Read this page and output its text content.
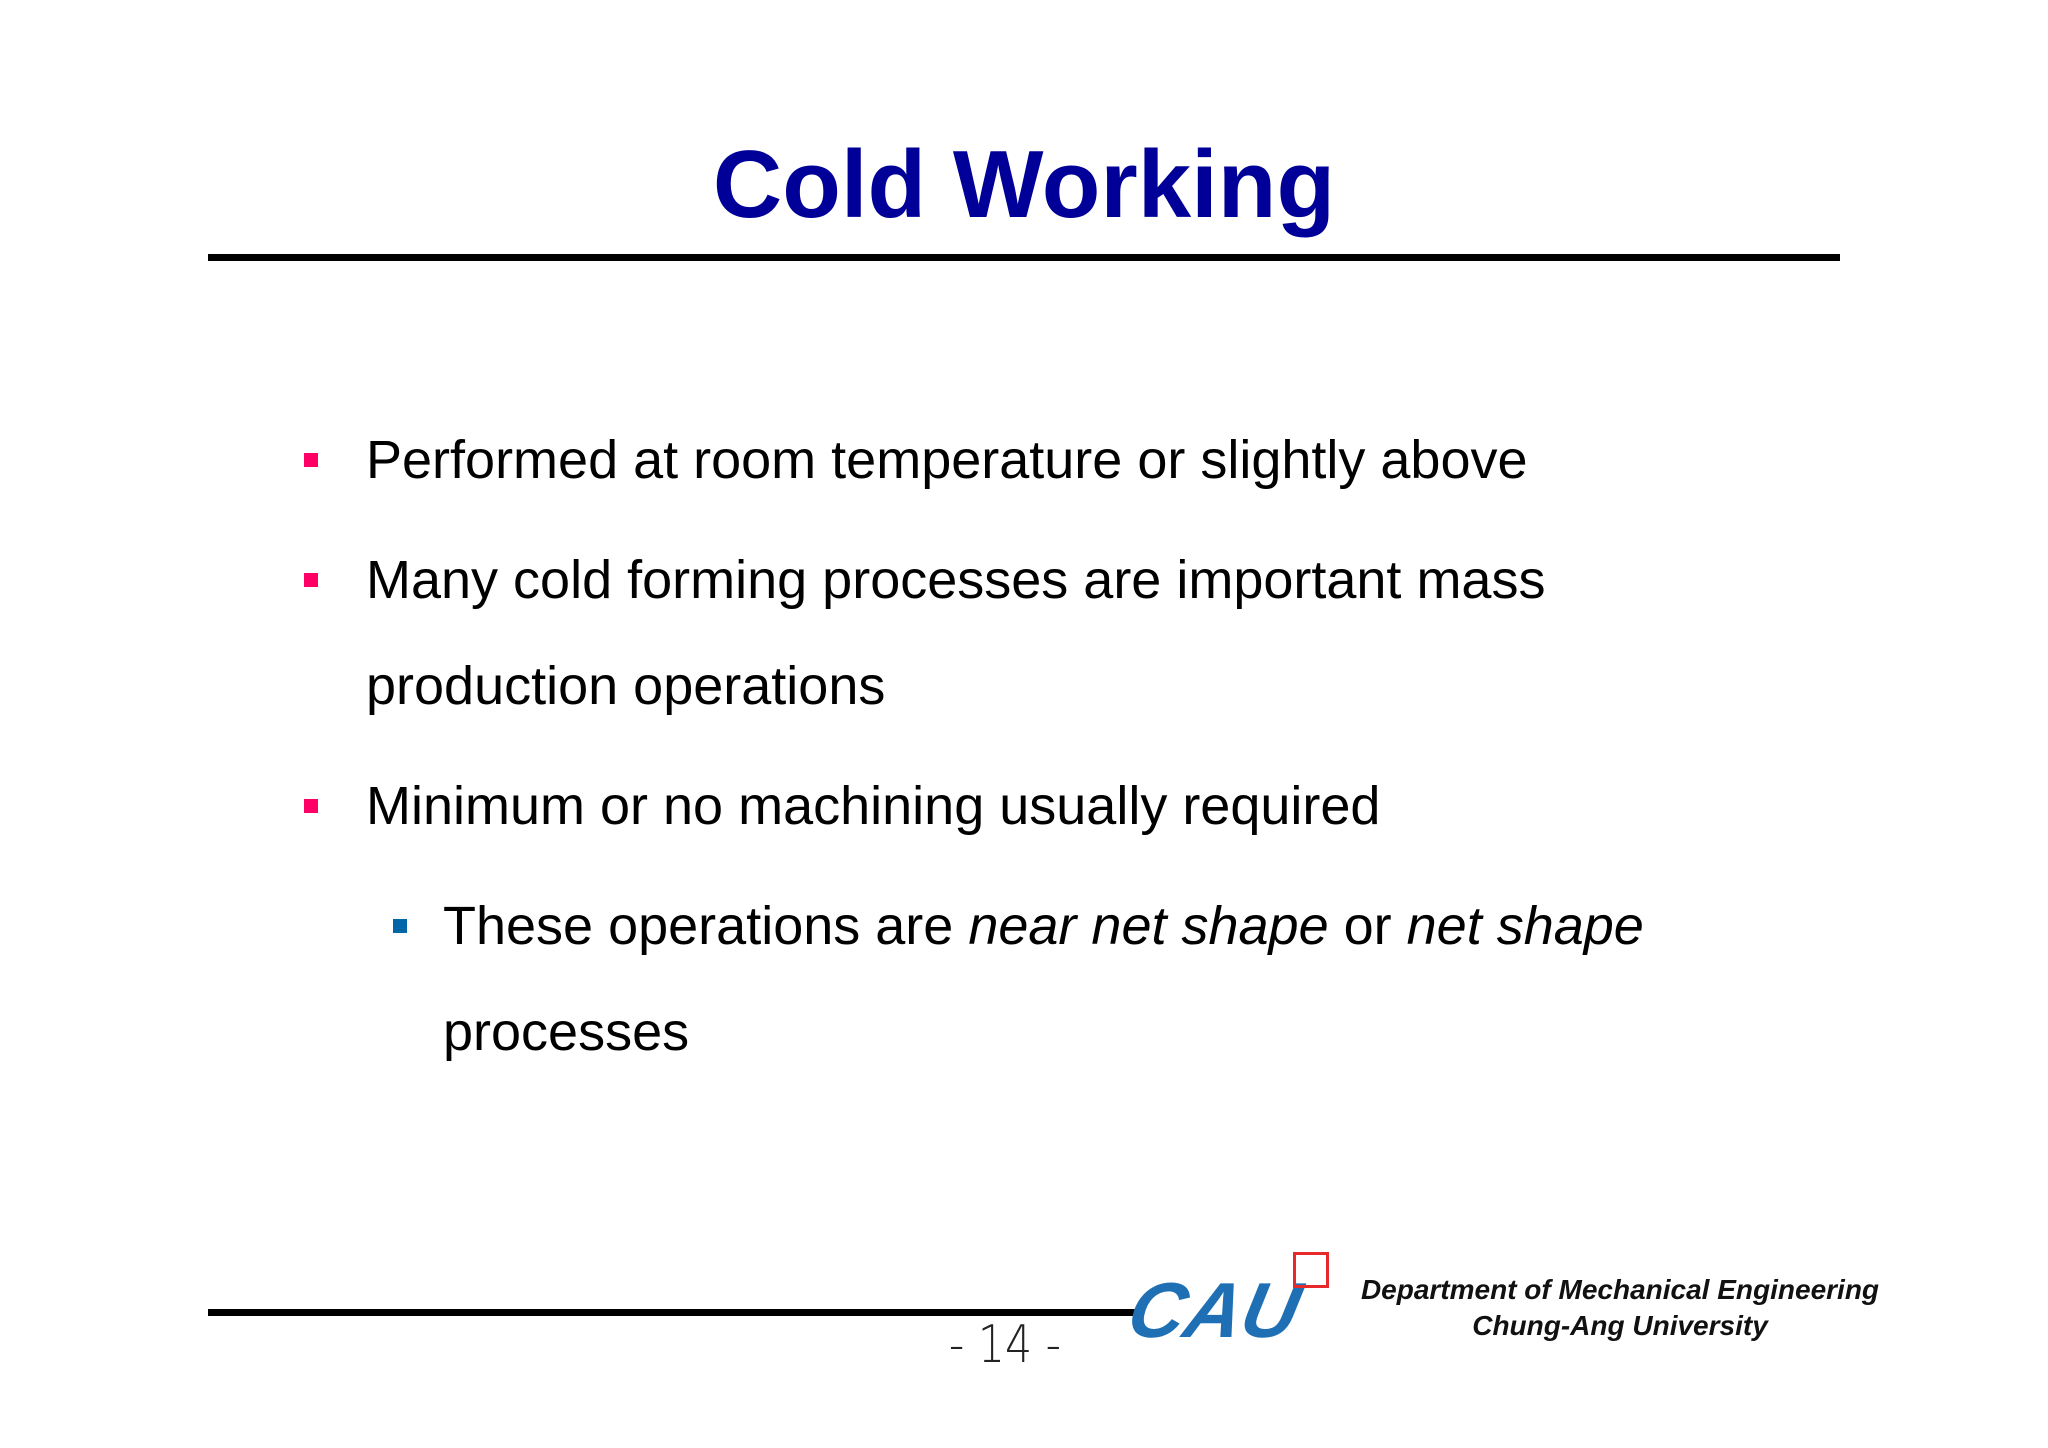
Cold Working
Performed at room temperature or slightly above
Many cold forming processes are important mass
production operations
Minimum or no machining usually required
These operations are near net shape or net shape
processes
- 14 - CAU	Department of Mechanical Engineering
Chung-Ang University
